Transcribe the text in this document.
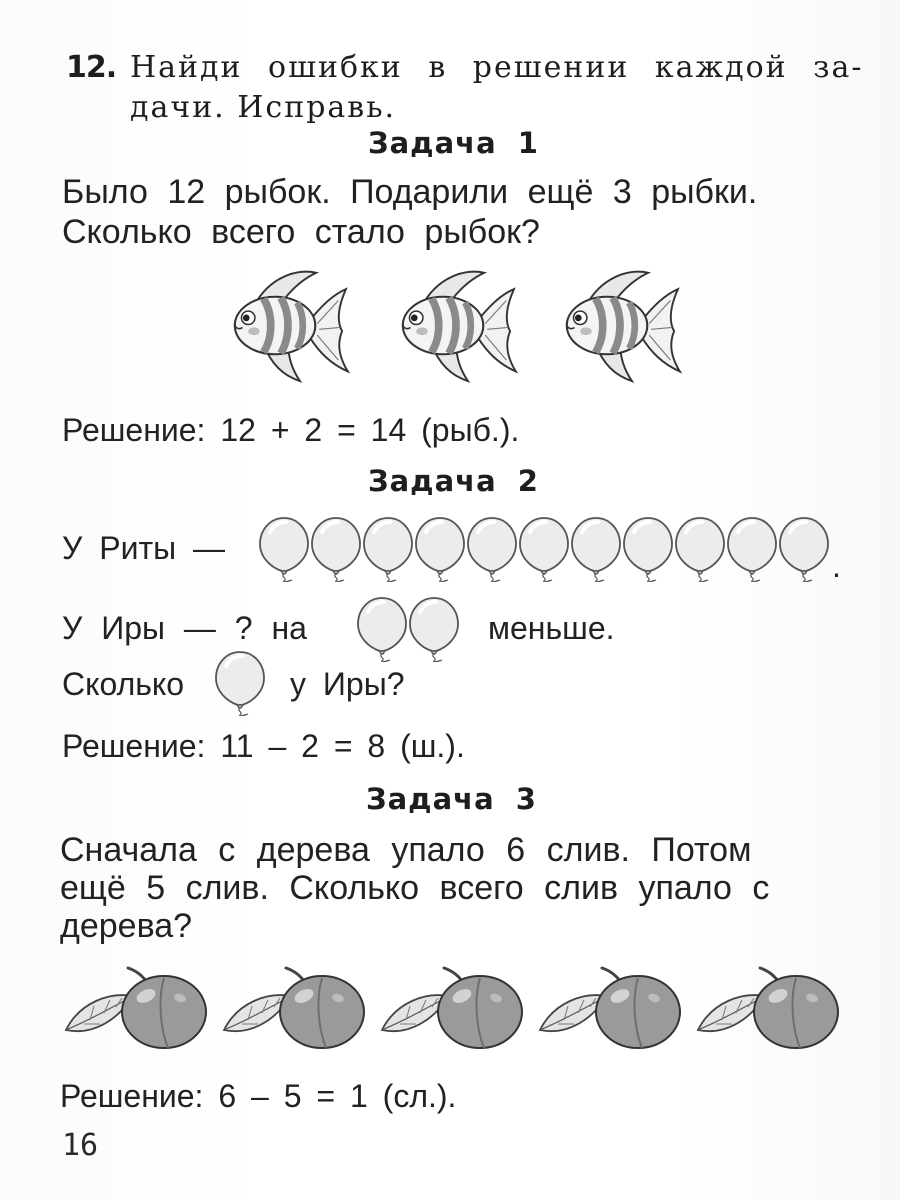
12. Найди ошибки в решении каждой за-
дачи. Исправь.
Задача 1
Было 12 рыбок. Подарили ещё 3 рыбки.
Сколько всего стало рыбок?
Решение: 12 + 2 = 14 (рыб.).
Задача 2
У Риты —	.
У Иры — ? на	меньше.
Сколько	у Иры?
Решение: 11 – 2 = 8 (ш.).
Задача 3
Сначала с дерева упало 6 слив. Потом
ещё 5 слив. Сколько всего слив упало с
дерева?
Решение: 6 – 5 = 1 (сл.).
16
